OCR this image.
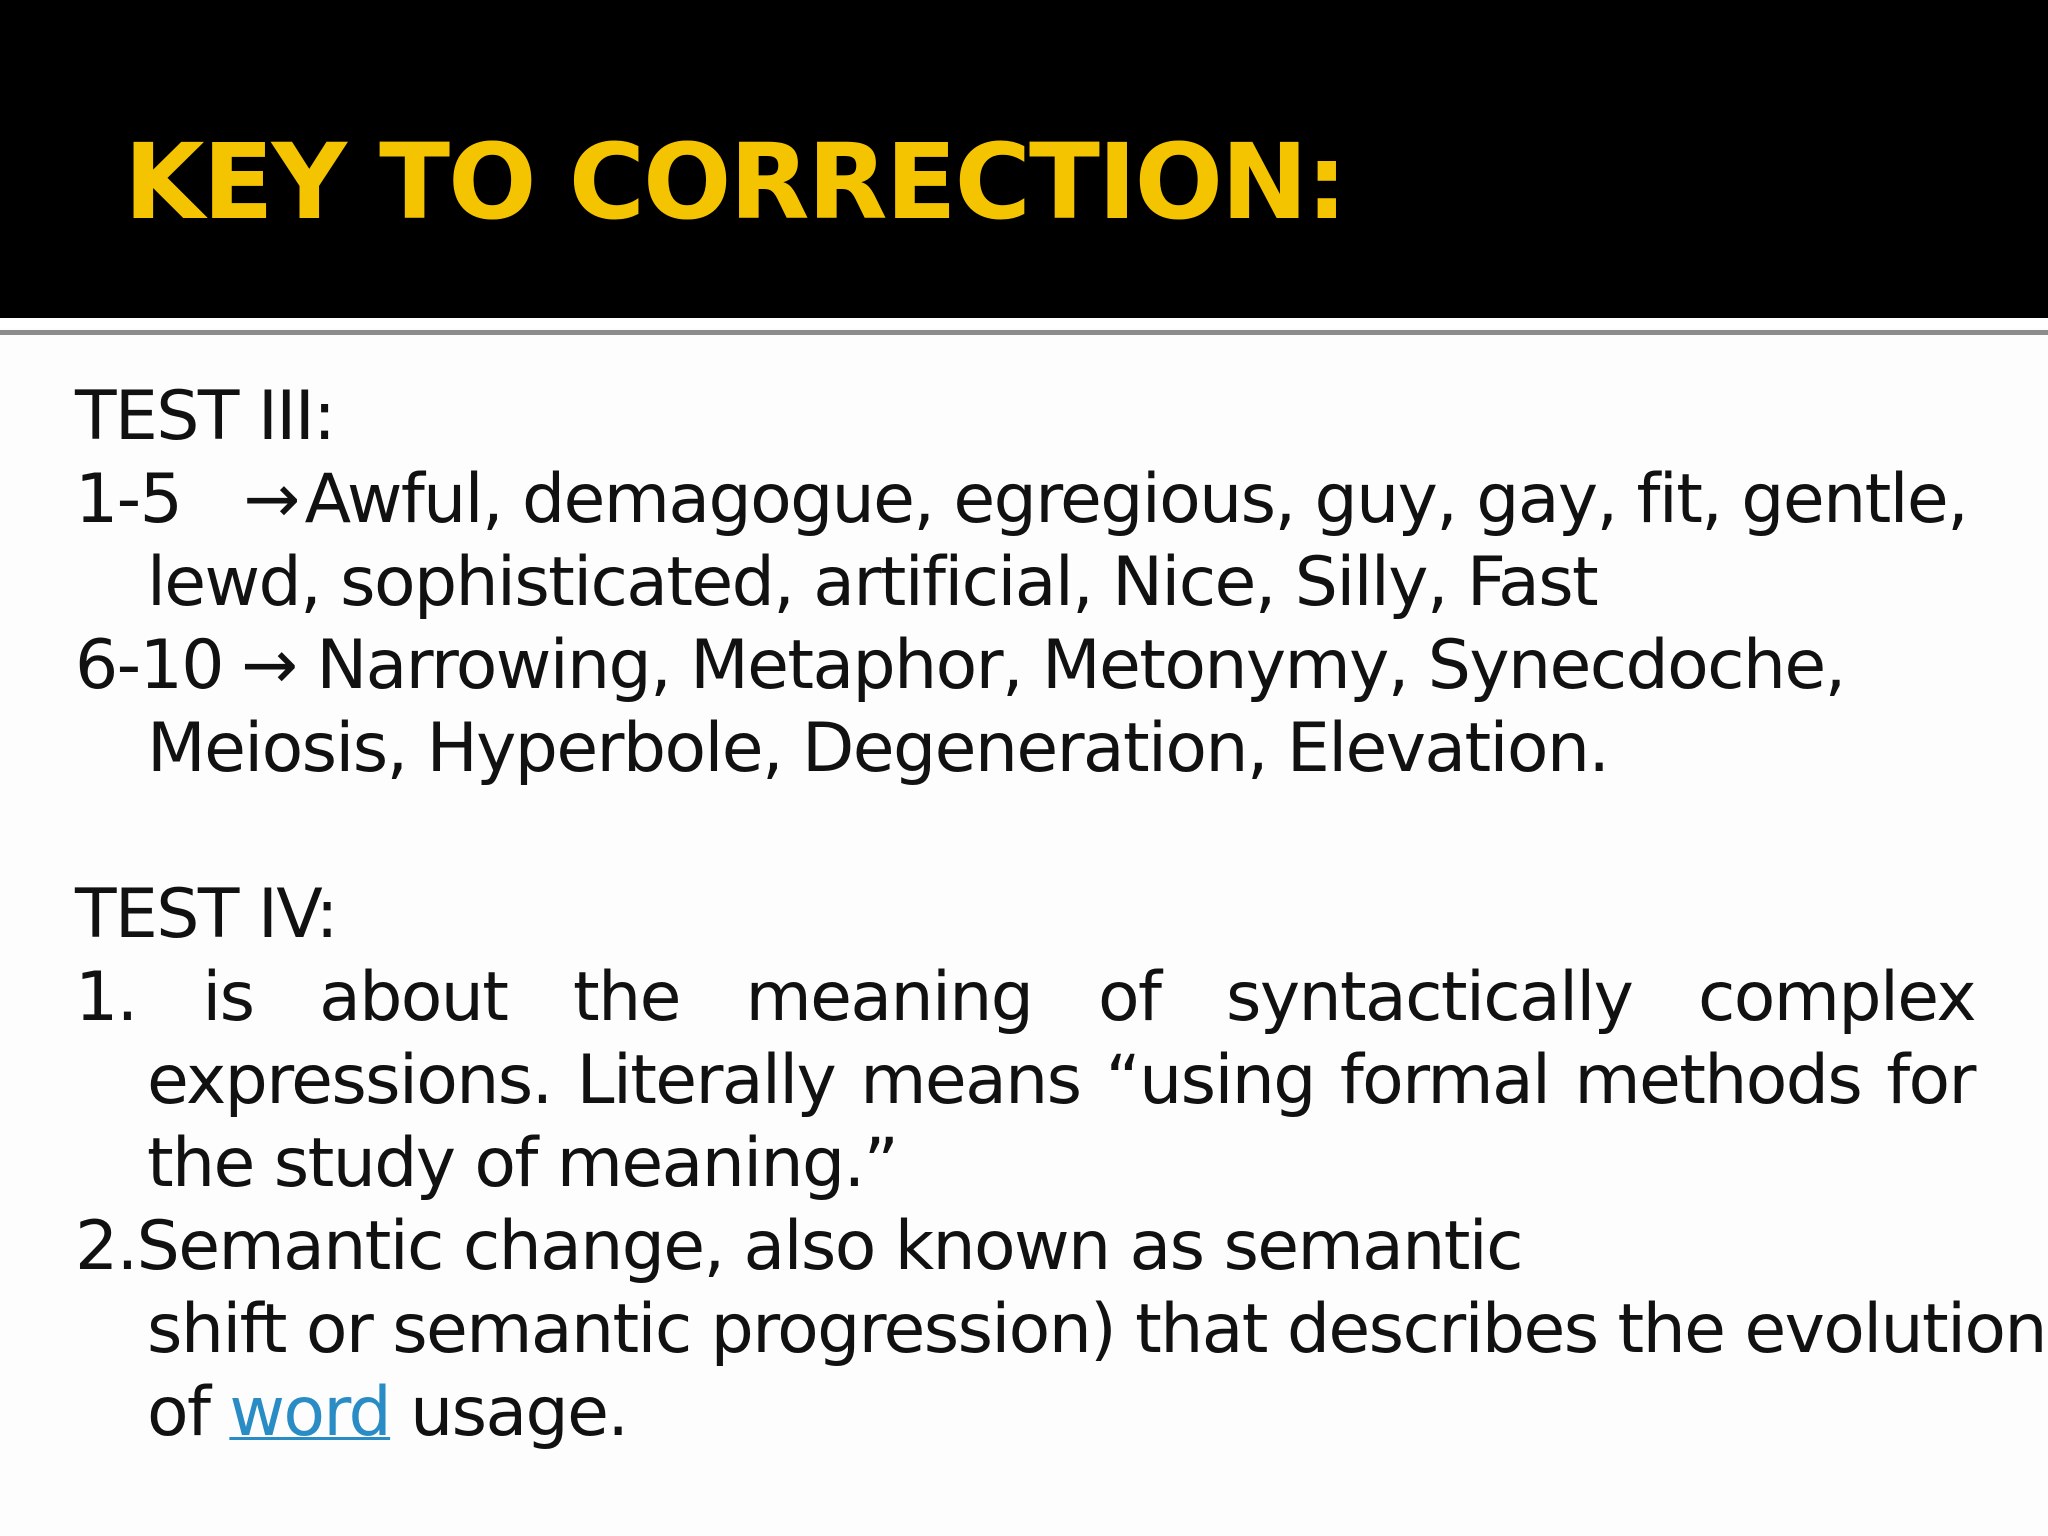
KEY TO CORRECTION:
TEST III:
1-5 →Awful, demagogue, egregious, guy, gay, fit, gentle,
lewd, sophisticated, artificial, Nice, Silly, Fast
6-10 → Narrowing, Metaphor, Metonymy, Synecdoche,
Meiosis, Hyperbole, Degeneration, Elevation.
TEST IV:
1. is about the meaning of syntactically complex
expressions. Literally means “using formal methods for
the study of meaning.”
2.Semantic change, also known as semantic
shift or semantic progression) that describes the evolution
of word usage.
